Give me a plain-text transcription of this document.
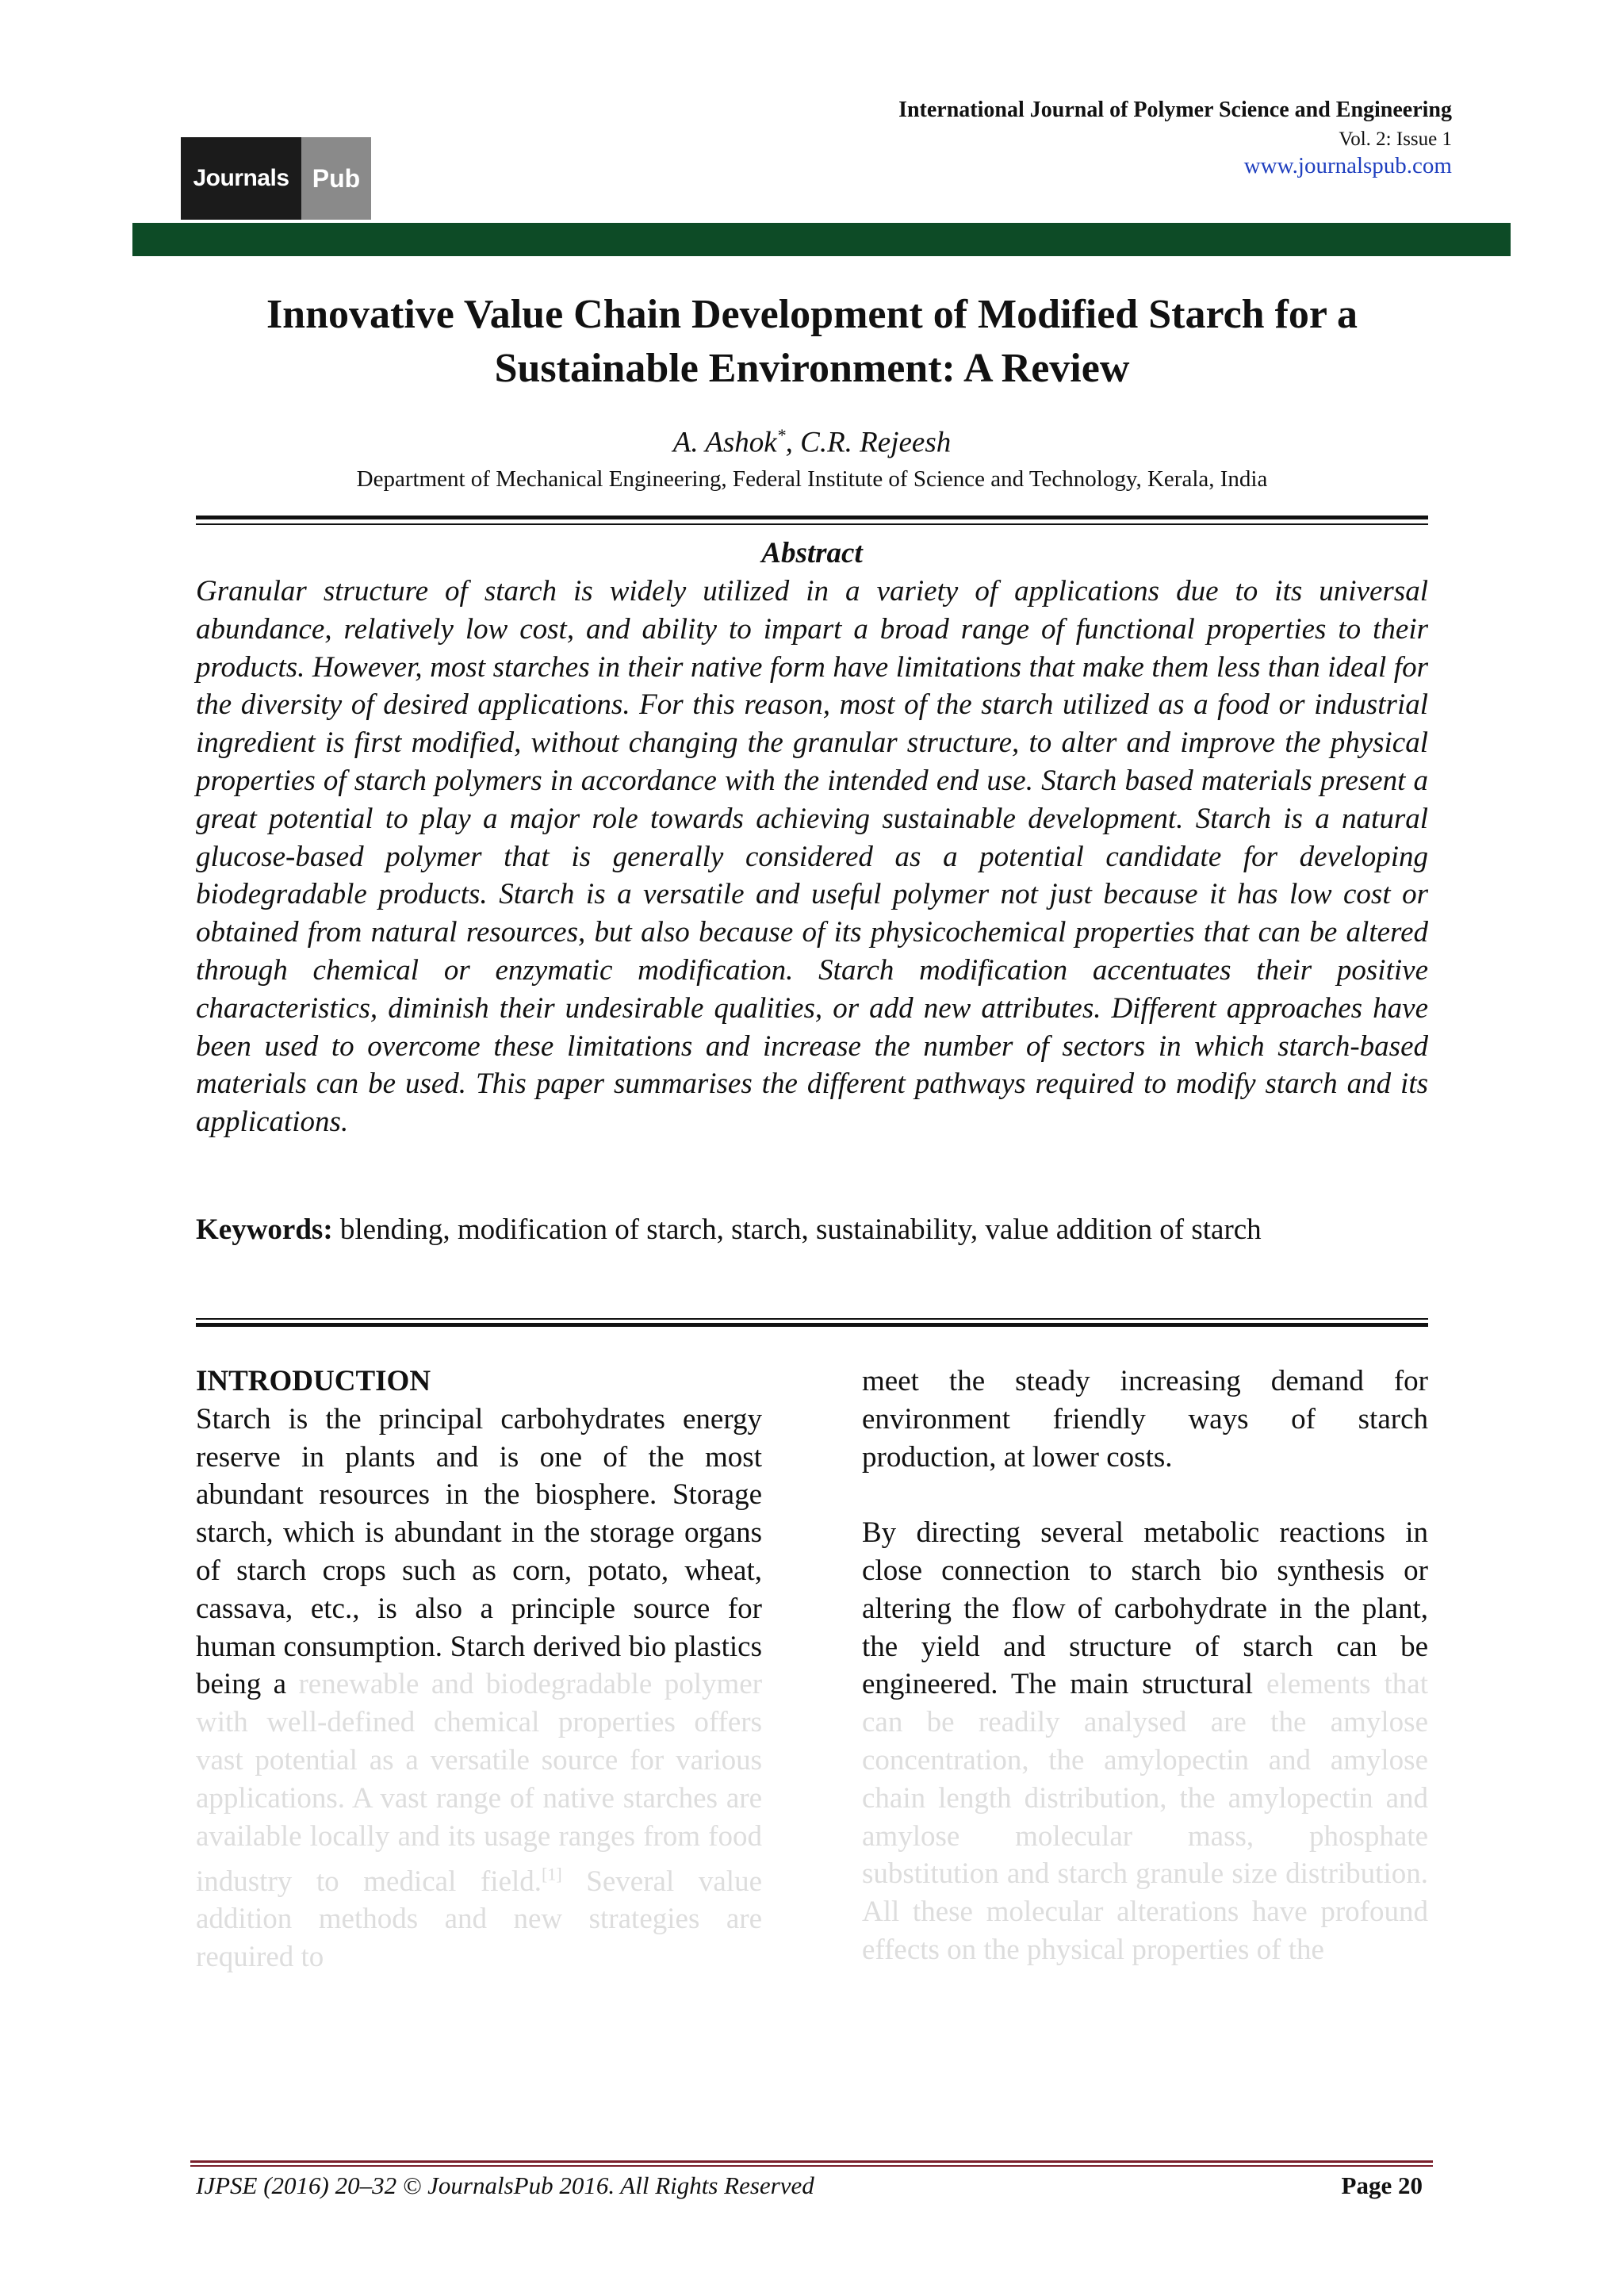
International Journal of Polymer Science and Engineering
Vol. 2: Issue 1
www.journalspub.com
Journals Pub
Innovative Value Chain Development of Modified Starch for a
Sustainable Environment: A Review
A. Ashok*, C.R. Rejeesh
Department of Mechanical Engineering, Federal Institute of Science and Technology, Kerala, India
Abstract
Granular structure of starch is widely utilized in a variety of applications due to its universal abundance, relatively low cost, and ability to impart a broad range of functional properties to their products. However, most starches in their native form have limitations that make them less than ideal for the diversity of desired applications. For this reason, most of the starch utilized as a food or industrial ingredient is first modified, without changing the granular structure, to alter and improve the physical properties of starch polymers in accordance with the intended end use. Starch based materials present a great potential to play a major role towards achieving sustainable development. Starch is a natural glucose-based polymer that is generally considered as a potential candidate for developing biodegradable products. Starch is a versatile and useful polymer not just because it has low cost or obtained from natural resources, but also because of its physicochemical properties that can be altered through chemical or enzymatic modification. Starch modification accentuates their positive characteristics, diminish their undesirable qualities, or add new attributes. Different approaches have been used to overcome these limitations and increase the number of sectors in which starch-based materials can be used. This paper summarises the different pathways required to modify starch and its applications.
Keywords: blending, modification of starch, starch, sustainability, value addition of starch
INTRODUCTION
Starch is the principal carbohydrates energy reserve in plants and is one of the most abundant resources in the biosphere. Storage starch, which is abundant in the storage organs of starch crops such as corn, potato, wheat, cassava, etc., is also a principle source for human consumption. Starch derived bio plastics being a renewable and biodegradable polymer with well-defined chemical properties offers vast potential as a versatile source for various applications. A vast range of native starches are available locally and its usage ranges from food industry to medical field.[1] Several value addition methods and new strategies are required to
meet the steady increasing demand for environment friendly ways of starch production, at lower costs.
By directing several metabolic reactions in close connection to starch bio synthesis or altering the flow of carbohydrate in the plant, the yield and structure of starch can be engineered. The main structural elements that can be readily analysed are the amylose concentration, the amylopectin and amylose chain length distribution, the amylopectin and amylose molecular mass, phosphate substitution and starch granule size distribution. All these molecular alterations have profound effects on the physical properties of the
IJPSE (2016) 20–32 © JournalsPub 2016. All Rights Reserved	Page 20
